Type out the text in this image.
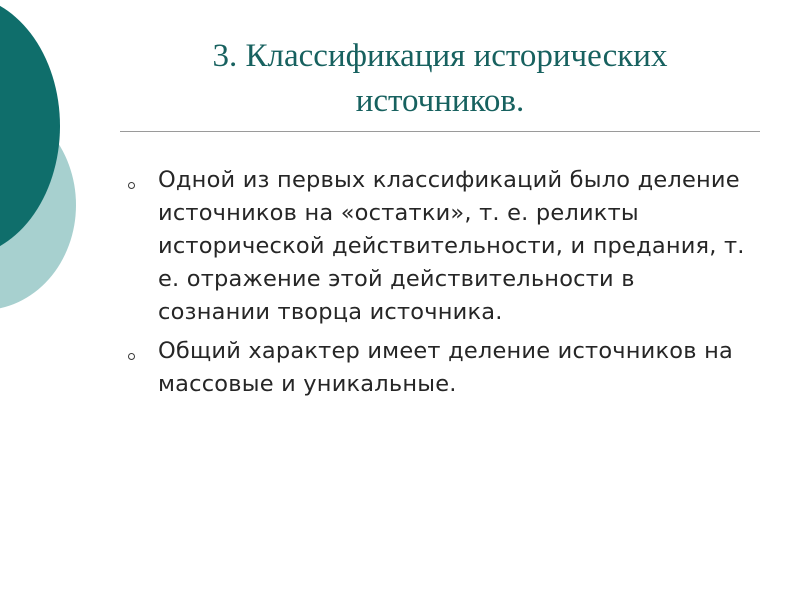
3. Классификация исторических
источников.
Одной из первых классификаций было деление источников на «остатки», т. е. реликты исторической действительности, и предания, т. е. отражение этой действительности в сознании творца источника.
Общий характер имеет деление источников на   массовые и уникальные.
